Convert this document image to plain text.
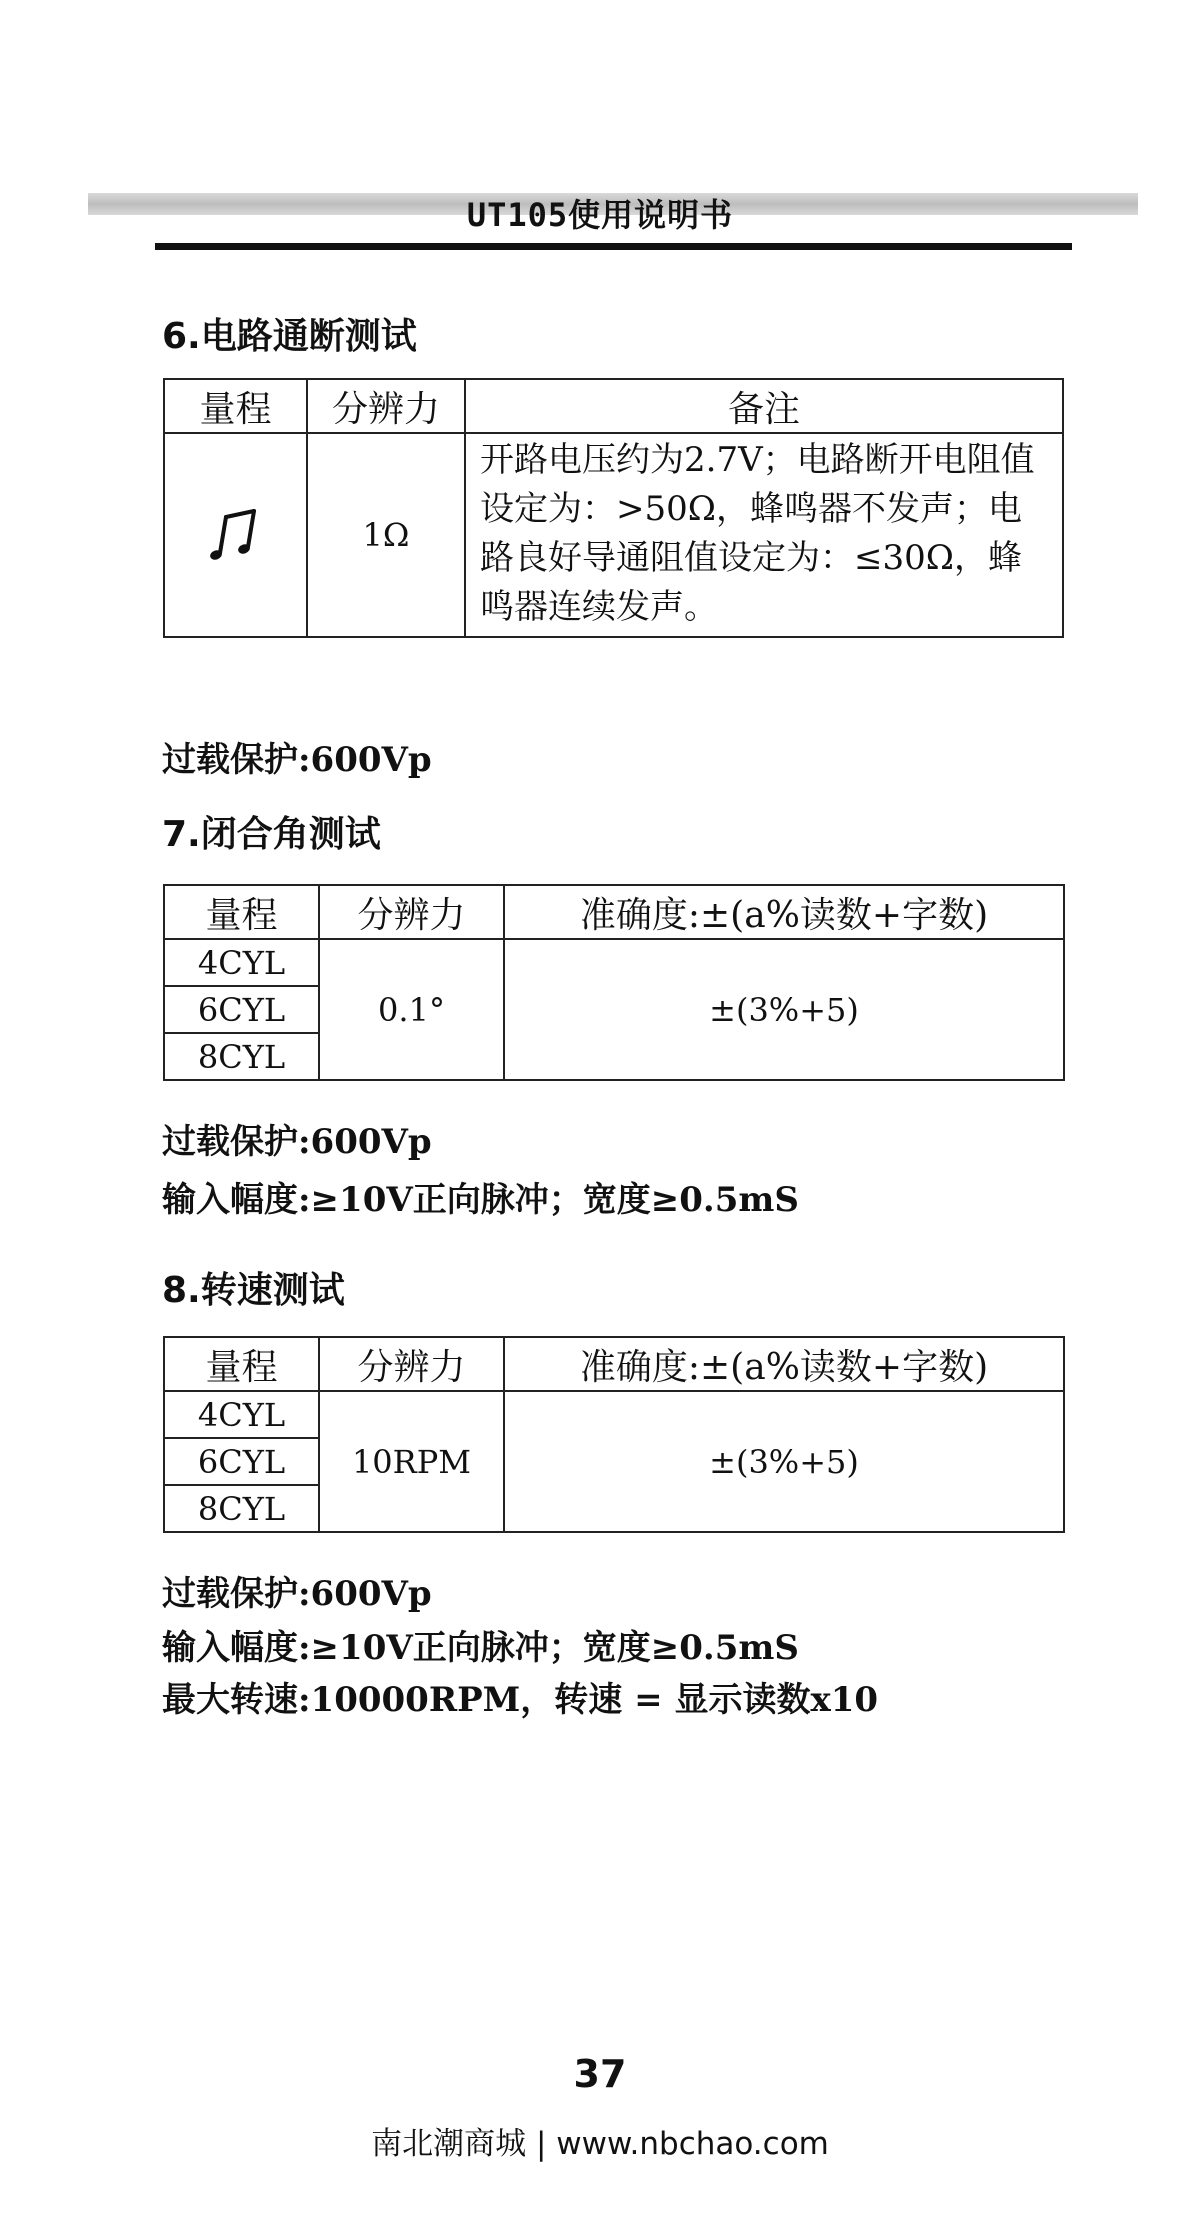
UT105使用说明书
6.电路通断测试
量程	分辨力	备注
	1Ω	开路电压约为2.7V；电路断开电阻值设定为：>50Ω，蜂鸣器不发声；电路良好导通阻值设定为：≤30Ω，蜂鸣器连续发声。
过载保护:600Vp
7.闭合角测试
量程	分辨力	准确度:±(a%读数+字数)
4CYL	0.1°	±(3%+5)
6CYL		
8CYL		
过载保护:600Vp
输入幅度:≥10V正向脉冲；宽度≥0.5mS
8.转速测试
量程	分辨力	准确度:±(a%读数+字数)
4CYL	10RPM	±(3%+5)
6CYL		
8CYL		
过载保护:600Vp
输入幅度:≥10V正向脉冲；宽度≥0.5mS
最大转速:10000RPM，转速 = 显示读数x10
37
南北潮商城 | www.nbchao.com
